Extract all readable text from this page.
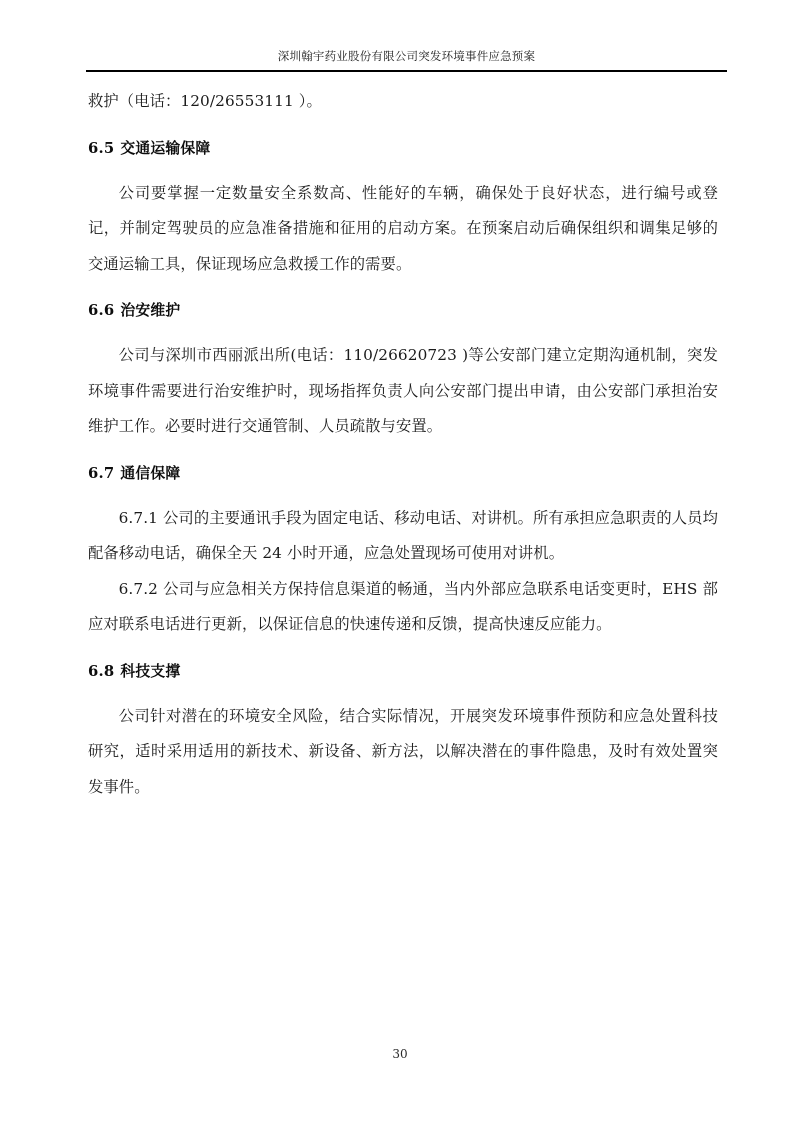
深圳翰宇药业股份有限公司突发环境事件应急预案

救护（电话：120/26553111 ）。

6.5 交通运输保障

公司要掌握一定数量安全系数高、性能好的车辆，确保处于良好状态，进行编号或登记，并制定驾驶员的应急准备措施和征用的启动方案。在预案启动后确保组织和调集足够的交通运输工具，保证现场应急救援工作的需要。

6.6 治安维护

公司与深圳市西丽派出所(电话：110/26620723 )等公安部门建立定期沟通机制，突发环境事件需要进行治安维护时，现场指挥负责人向公安部门提出申请，由公安部门承担治安维护工作。必要时进行交通管制、人员疏散与安置。

6.7 通信保障

6.7.1 公司的主要通讯手段为固定电话、移动电话、对讲机。所有承担应急职责的人员均配备移动电话，确保全天 24 小时开通，应急处置现场可使用对讲机。

6.7.2 公司与应急相关方保持信息渠道的畅通，当内外部应急联系电话变更时，EHS 部应对联系电话进行更新，以保证信息的快速传递和反馈，提高快速反应能力。

6.8 科技支撑

公司针对潜在的环境安全风险，结合实际情况，开展突发环境事件预防和应急处置科技研究，适时采用适用的新技术、新设备、新方法，以解决潜在的事件隐患，及时有效处置突发事件。

30
